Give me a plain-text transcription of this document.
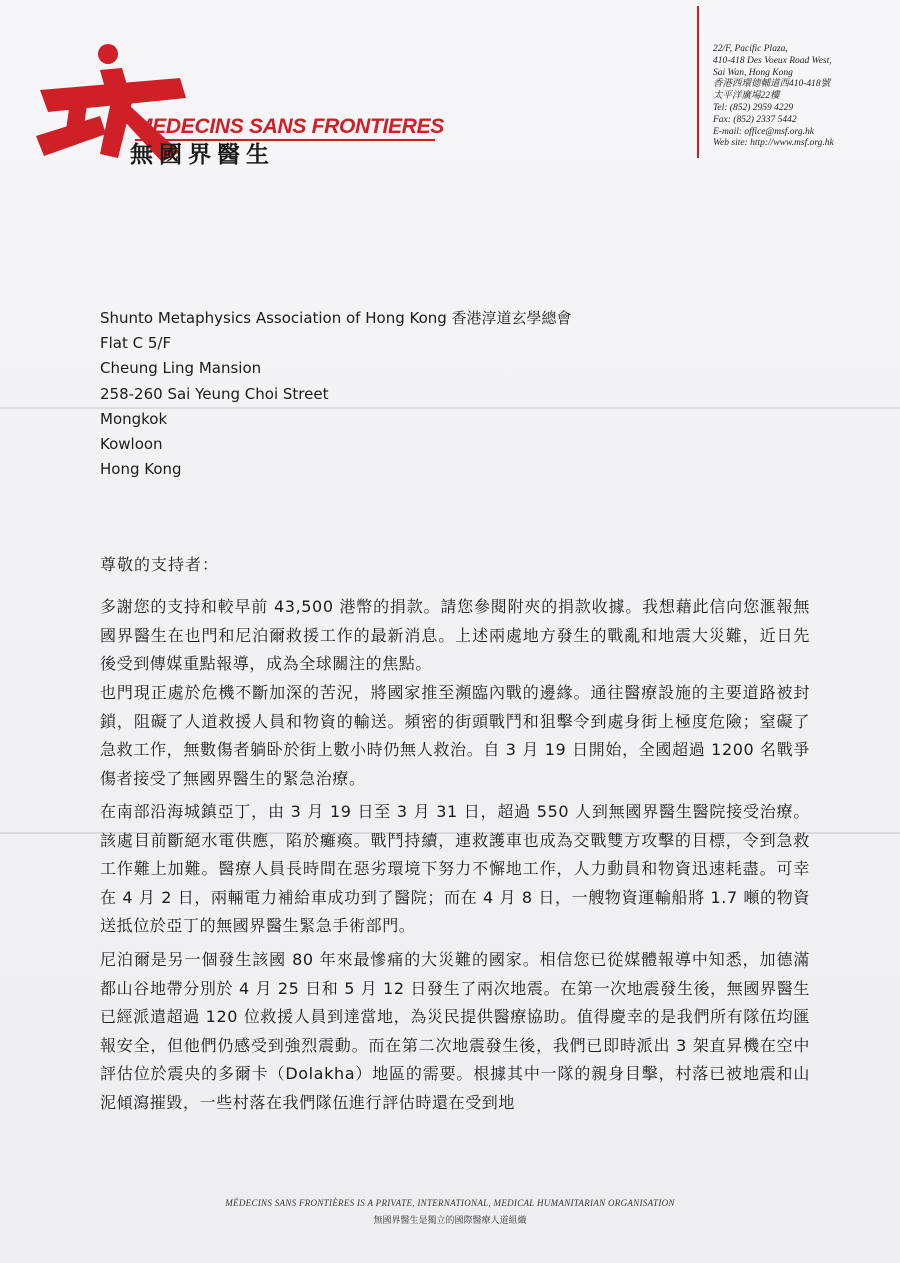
MEDECINS SANS FRONTIERES
無國界醫生
22/F, Pacific Plaza,
410-418 Des Voeux Road West,
Sai Wan, Hong Kong
香港西環德輔道西410-418號
太平洋廣場22樓
Tel: (852) 2959 4229
Fax: (852) 2337 5442
E-mail: office@msf.org.hk
Web site: http://www.msf.org.hk
Shunto Metaphysics Association of Hong Kong 香港淳道玄學總會
Flat C 5/F
Cheung Ling Mansion
258-260 Sai Yeung Choi Street
Mongkok
Kowloon
Hong Kong
尊敬的支持者：
多謝您的支持和較早前 43,500 港幣的捐款。請您參閱附夾的捐款收據。我想藉此信向您滙報無國界醫生在也門和尼泊爾救援工作的最新消息。上述兩處地方發生的戰亂和地震大災難，近日先後受到傳媒重點報導，成為全球關注的焦點。
也門現正處於危機不斷加深的苦況，將國家推至瀕臨內戰的邊緣。通往醫療設施的主要道路被封鎖，阻礙了人道救援人員和物資的輸送。頻密的街頭戰鬥和狙擊令到處身街上極度危險；窒礙了急救工作，無數傷者躺卧於街上數小時仍無人救治。自 3 月 19 日開始，全國超過 1200 名戰爭傷者接受了無國界醫生的緊急治療。
在南部沿海城鎮亞丁，由 3 月 19 日至 3 月 31 日，超過 550 人到無國界醫生醫院接受治療。該處目前斷絕水電供應，陷於癱瘓。戰鬥持續，連救護車也成為交戰雙方攻擊的目標，令到急救工作難上加難。醫療人員長時間在惡劣環境下努力不懈地工作，人力動員和物資迅速耗盡。可幸在 4 月 2 日，兩輛電力補給車成功到了醫院；而在 4 月 8 日，一艘物資運輸船將 1.7 噸的物資送抵位於亞丁的無國界醫生緊急手術部門。
尼泊爾是另一個發生該國 80 年來最慘痛的大災難的國家。相信您已從媒體報導中知悉，加德滿都山谷地帶分別於 4 月 25 日和 5 月 12 日發生了兩次地震。在第一次地震發生後，無國界醫生已經派遣超過 120 位救援人員到達當地，為災民提供醫療協助。值得慶幸的是我們所有隊伍均匯報安全，但他們仍感受到強烈震動。而在第二次地震發生後，我們已即時派出 3 架直昇機在空中評估位於震央的多爾卡（Dolakha）地區的需要。根據其中一隊的親身目擊，村落已被地震和山泥傾瀉摧毀，一些村落在我們隊伍進行評估時還在受到地
MÉDECINS SANS FRONTIÈRES IS A PRIVATE, INTERNATIONAL, MEDICAL HUMANITARIAN ORGANISATION
無國界醫生是獨立的國際醫療人道組織
